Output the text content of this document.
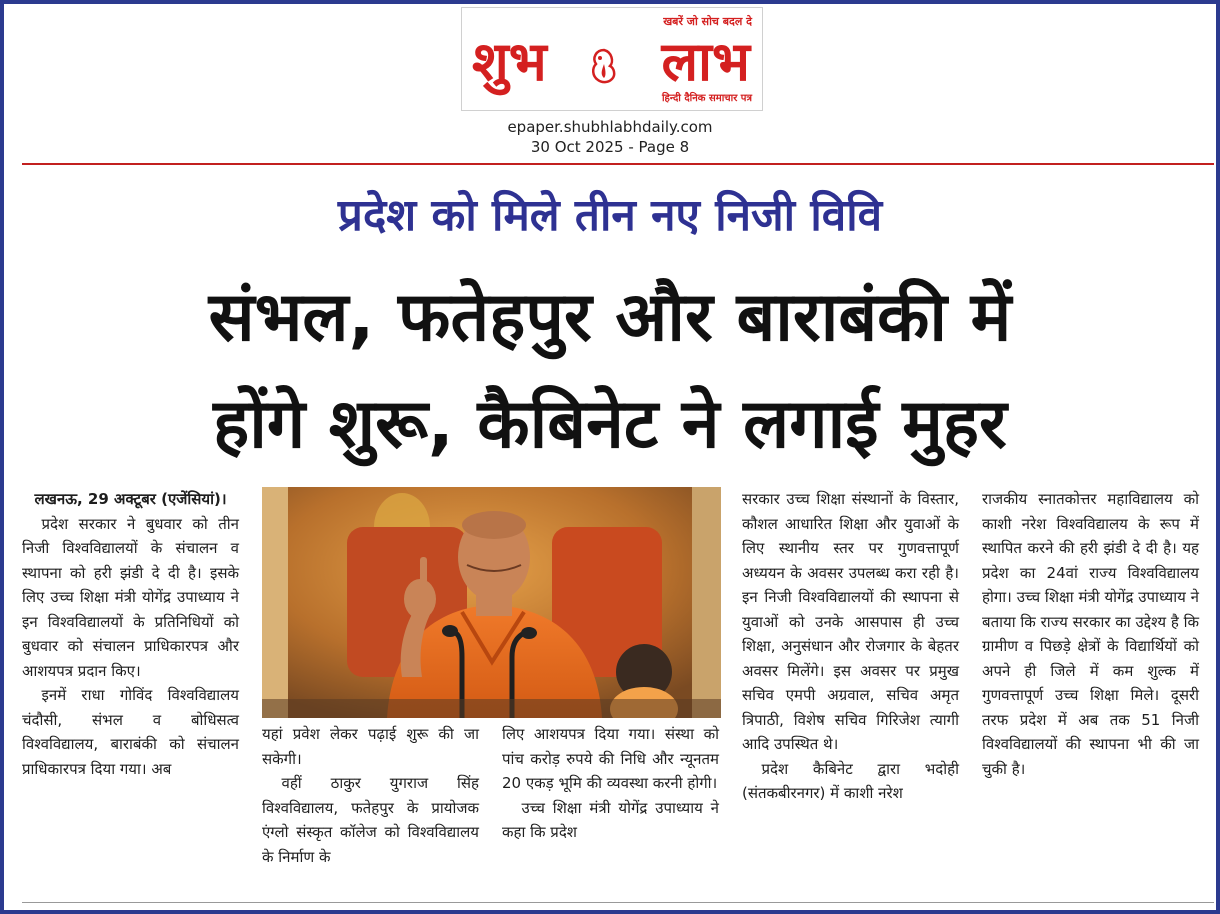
खबरें जो सोच बदल दे
शुभ लाभ
हिन्दी दैनिक समाचार पत्र
epaper.shubhlabhdaily.com
30 Oct 2025 - Page 8
प्रदेश को मिले तीन नए निजी विवि
संभल, फतेहपुर और बाराबंकी में
होंगे शुरू, कैबिनेट ने लगाई मुहर

लखनऊ, 29 अक्टूबर (एजेंसियां)।

प्रदेश सरकार ने बुधवार को तीन निजी विश्वविद्यालयों के संचालन व स्थापना को हरी झंडी दे दी है। इसके लिए उच्च शिक्षा मंत्री योगेंद्र उपाध्याय ने इन विश्वविद्यालयों के प्रतिनिधियों को बुधवार को संचालन प्राधिकारपत्र और आशयपत्र प्रदान किए।

इनमें राधा गोविंद विश्वविद्यालय चंदौसी, संभल व बोधिसत्व विश्वविद्यालय, बाराबंकी को संचालन प्राधिकारपत्र दिया गया। अब

यहां प्रवेश लेकर पढ़ाई शुरू की जा सकेगी।

वहीं ठाकुर युगराज सिंह विश्वविद्यालय, फतेहपुर के प्रायोजक एंग्लो संस्कृत कॉलेज को विश्वविद्यालय के निर्माण के

लिए आशयपत्र दिया गया। संस्था को पांच करोड़ रुपये की निधि और न्यूनतम 20 एकड़ भूमि की व्यवस्था करनी होगी।

उच्च शिक्षा मंत्री योगेंद्र उपाध्याय ने कहा कि प्रदेश

सरकार उच्च शिक्षा संस्थानों के विस्तार, कौशल आधारित शिक्षा और युवाओं के लिए स्थानीय स्तर पर गुणवत्तापूर्ण अध्ययन के अवसर उपलब्ध करा रही है। इन निजी विश्वविद्यालयों की स्थापना से युवाओं को उनके आसपास ही उच्च शिक्षा, अनुसंधान और रोजगार के बेहतर अवसर मिलेंगे। इस अवसर पर प्रमुख सचिव एमपी अग्रवाल, सचिव अमृत त्रिपाठी, विशेष सचिव गिरिजेश त्यागी आदि उपस्थित थे।

प्रदेश कैबिनेट द्वारा भदोही (संतकबीरनगर) में काशी नरेश

राजकीय स्नातकोत्तर महाविद्यालय को काशी नरेश विश्वविद्यालय के रूप में स्थापित करने की हरी झंडी दे दी है। यह प्रदेश का 24वां राज्य विश्वविद्यालय होगा। उच्च शिक्षा मंत्री योगेंद्र उपाध्याय ने बताया कि राज्य सरकार का उद्देश्य है कि ग्रामीण व पिछड़े क्षेत्रों के विद्यार्थियों को अपने ही जिले में कम शुल्क में गुणवत्तापूर्ण उच्च शिक्षा मिले। दूसरी तरफ प्रदेश में अब तक 51 निजी विश्वविद्यालयों की स्थापना भी की जा चुकी है।
